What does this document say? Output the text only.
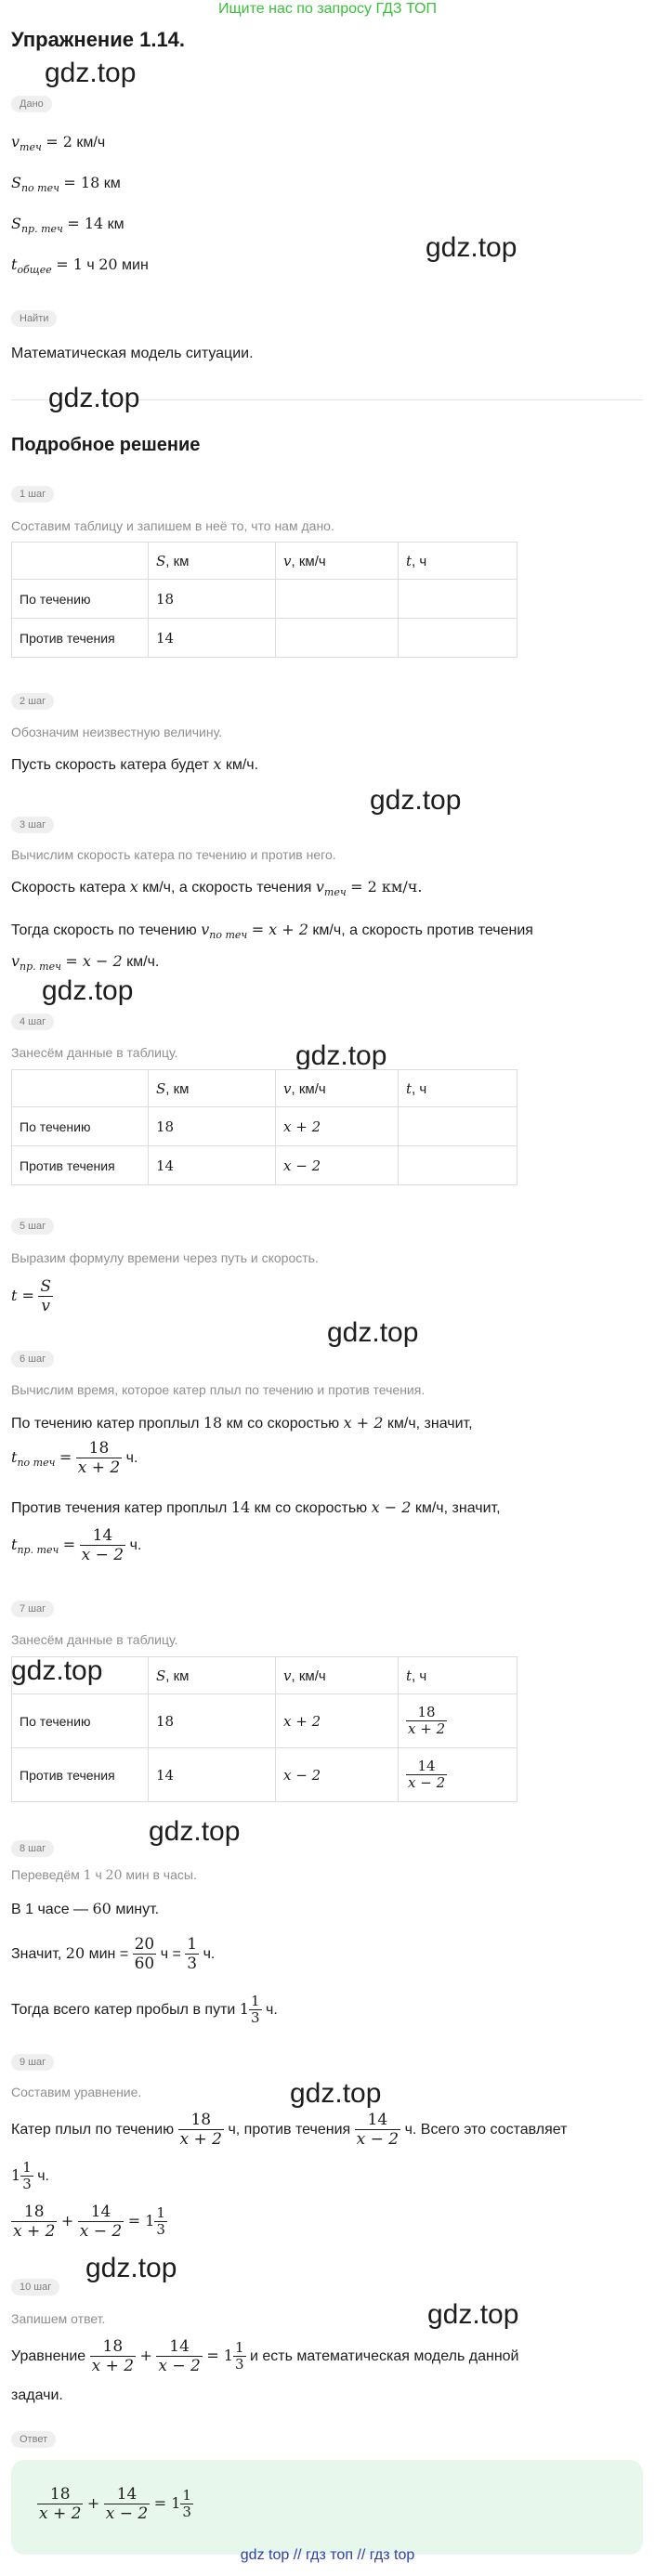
Ищите нас по запросу ГДЗ ТОП
Упражнение 1.14.
gdz.top
Дано
$v_{теч} = 2$ км/ч
$S_{по теч} = 18$ км
$S_{пр. теч} = 14$ км
$t_{общее} = 1$ ч 20 мин
gdz.top
Найти
Математическая модель ситуации.
gdz.top
Подробное решение
1 шаг
Составим таблицу и запишем в неё то, что нам дано.
	S, км	v, км/ч	t, ч
По течению	18		
Против течения	14		
2 шаг
Обозначим неизвестную величину.
Пусть скорость катера будет x км/ч.
gdz.top
3 шаг
Вычислим скорость катера по течению и против него.
Скорость катера x км/ч, а скорость течения $v_{теч} = 2$ км/ч.
Тогда скорость по течению $v_{по теч} = x + 2$ км/ч, а скорость против течения
$v_{пр. теч} = x - 2$ км/ч.
gdz.top
4 шаг
Занесём данные в таблицу.	gdz.top
	S, км	v, км/ч	t, ч
По течению	18	x + 2	
Против течения	14	x − 2	
5 шаг
Выразим формулу времени через путь и скорость.
$t = \frac{S}{v}$
gdz.top
6 шаг
Вычислим время, которое катер плыл по течению и против течения.
По течению катер проплыл 18 км со скоростью x + 2 км/ч, значит,
$t_{по теч} = \frac{18}{x + 2} ч$.
Против течения катер проплыл 14 км со скоростью x − 2 км/ч, значит,
$t_{пр. теч} = \frac{14}{x - 2} ч$.
7 шаг
Занесём данные в таблицу.
gdz.top
		S, км	v, км/ч	t, ч
По течению	18	x + 2	$\frac{18}{x + 2}$

Против течения	14	x − 2	$\frac{14}{x - 2}$
gdz.top
8 шаг
Переведём 1 ч 20 мин в часы.
В 1 часе — 60 минут.
Значит, 20 мин = $\frac{20}{60}$ $ч = \frac{1}{3} ч$.
Тогда всего катер пробыл в пути $1 \frac{1}{3} ч$.
9 шаг
Составим уравнение.	gdz.top
Катер плыл по течению $\frac{18}{x + 2} ч$, против течения $\frac{14}{x - 2} ч$. Всего это составляет
$1 \frac{1}{3} ч$.
$\frac{18}{x + 2} + \frac{14}{x - 2} = 1 \frac{1}{3}$
gdz.top
10 шаг
Запишем ответ.	gdz.top
Уравнение $\frac{18}{x + 2} + \frac{14}{x - 2} = 1 \frac{1}{3}$ и есть математическая модель данной
задачи.
Ответ
$\frac{18}{x + 2} + \frac{14}{x - 2} = 1 \frac{1}{3}$
gdz top // гдз топ // гдз top
